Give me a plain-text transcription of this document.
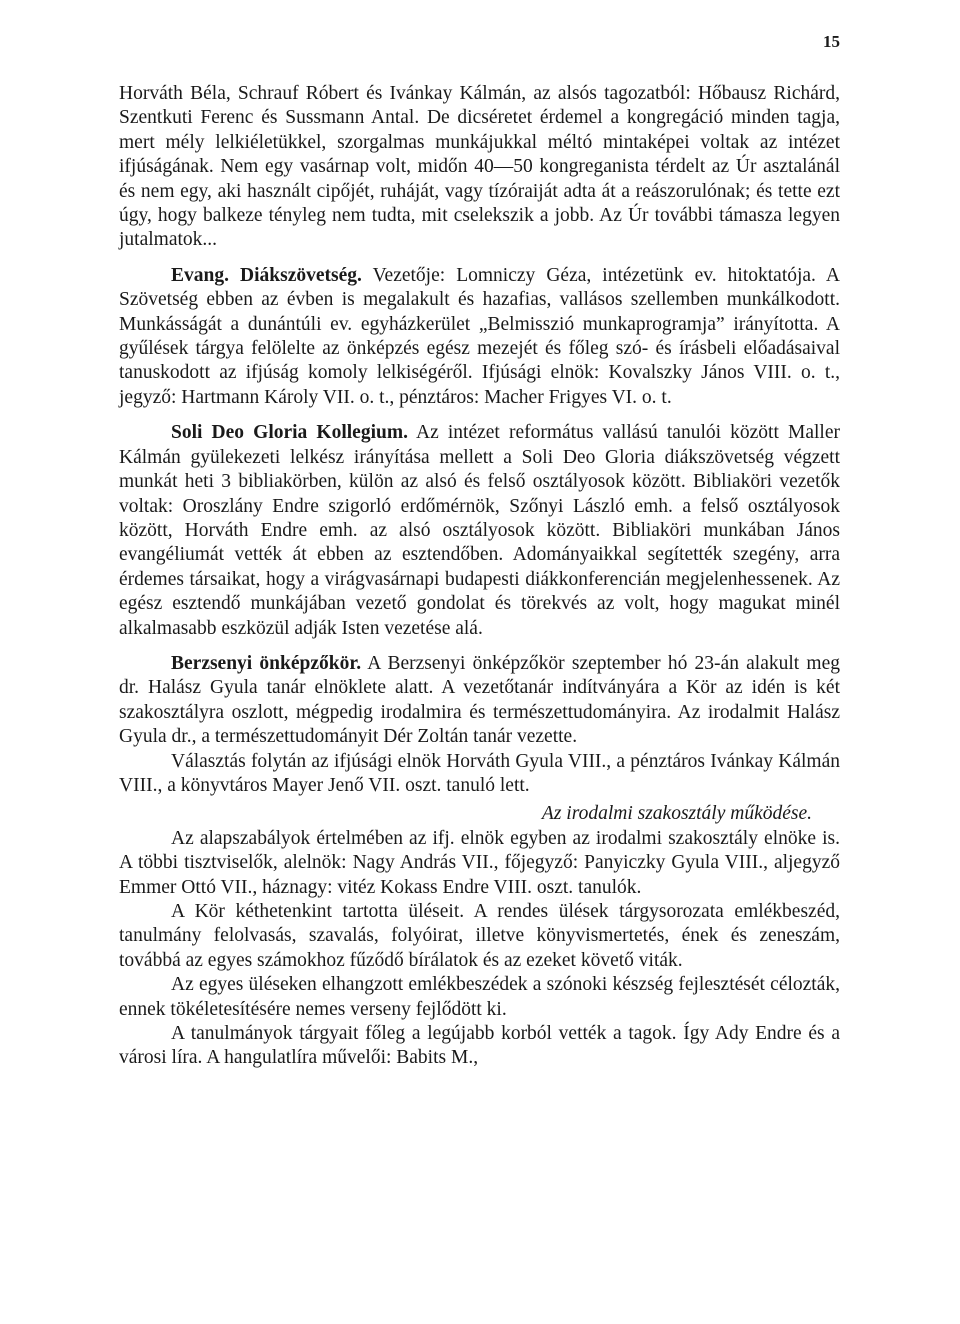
15

Horváth Béla, Schrauf Róbert és Ivánkay Kálmán, az alsós tagozatból: Hőbausz Richárd, Szentkuti Ferenc és Sussmann Antal. De dicséretet érdemel a kongregáció minden tagja, mert mély lelkiéletükkel, szorgalmas munkájukkal méltó mintaképei voltak az intézet ifjúságának. Nem egy vasárnap volt, midőn 40—50 kongreganista térdelt az Úr asztalánál és nem egy, aki használt cipőjét, ruháját, vagy tízóraiját adta át a reászorulónak; és tette ezt úgy, hogy balkeze tényleg nem tudta, mit cselekszik a jobb. Az Úr további támasza legyen jutalmatok...

Evang. Diákszövetség. Vezetője: Lomniczy Géza, intézetünk ev. hitoktatója. A Szövetség ebben az évben is megalakult és hazafias, vallásos szellemben munkálkodott. Munkásságát a dunántúli ev. egyházkerület „Belmisszió munkaprogramja” irányította. A gyűlések tárgya felölelte az önképzés egész mezejét és főleg szó- és írásbeli előadásaival tanuskodott az ifjúság komoly lelkiségéről. Ifjúsági elnök: Kovalszky János VIII. o. t., jegyző: Hartmann Károly VII. o. t., pénztáros: Macher Frigyes VI. o. t.

Soli Deo Gloria Kollegium. Az intézet református vallású tanulói között Maller Kálmán gyülekezeti lelkész irányítása mellett a Soli Deo Gloria diákszövetség végzett munkát heti 3 bibliakörben, külön az alsó és felső osztályosok között. Bibliaköri vezetők voltak: Oroszlány Endre szigorló erdőmérnök, Szőnyi László emh. a felső osztályosok között, Horváth Endre emh. az alsó osztályosok között. Bibliaköri munkában János evangéliumát vették át ebben az esztendőben. Adományaikkal segítették szegény, arra érdemes társaikat, hogy a virágvasárnapi budapesti diákkonferencián megjelenhessenek. Az egész esztendő munkájában vezető gondolat és törekvés az volt, hogy magukat minél alkalmasabb eszközül adják Isten vezetése alá.

Berzsenyi önképzőkör. A Berzsenyi önképzőkör szeptember hó 23-án alakult meg dr. Halász Gyula tanár elnöklete alatt. A vezetőtanár indítványára a Kör az idén is két szakosztályra oszlott, mégpedig irodalmira és természettudományira. Az irodalmit Halász Gyula dr., a természettudományit Dér Zoltán tanár vezette.

Választás folytán az ifjúsági elnök Horváth Gyula VIII., a pénztáros Ivánkay Kálmán VIII., a könyvtáros Mayer Jenő VII. oszt. tanuló lett.

Az irodalmi szakosztály működése.

Az alapszabályok értelmében az ifj. elnök egyben az irodalmi szakosztály elnöke is. A többi tisztviselők, alelnök: Nagy András VII., főjegyző: Panyiczky Gyula VIII., aljegyző Emmer Ottó VII., háznagy: vitéz Kokass Endre VIII. oszt. tanulók.

A Kör kéthetenkint tartotta üléseit. A rendes ülések tárgysorozata emlékbeszéd, tanulmány felolvasás, szavalás, folyóirat, illetve könyvismertetés, ének és zeneszám, továbbá az egyes számokhoz fűződő bírálatok és az ezeket követő viták.

Az egyes üléseken elhangzott emlékbeszédek a szónoki készség fejlesztését célozták, ennek tökéletesítésére nemes verseny fejlődött ki.

A tanulmányok tárgyait főleg a legújabb korból vették a tagok. Így Ady Endre és a városi líra. A hangulatlíra művelői: Babits M.,
